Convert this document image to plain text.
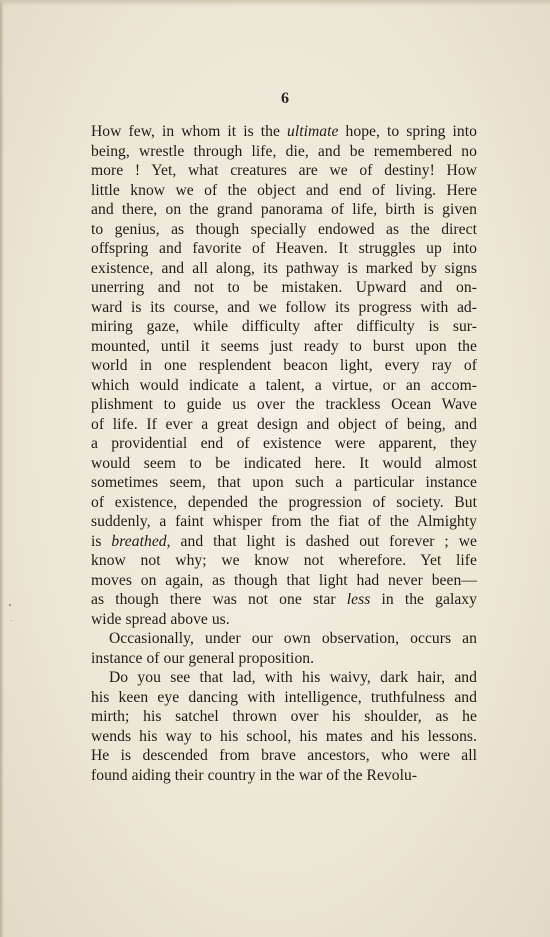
6
How few, in whom it is the ultimate hope, to spring into
being, wrestle through life, die, and be remembered no
more ! Yet, what creatures are we of destiny! How
little know we of the object and end of living. Here
and there, on the grand panorama of life, birth is given
to genius, as though specially endowed as the direct
offspring and favorite of Heaven. It struggles up into
existence, and all along, its pathway is marked by signs
unerring and not to be mistaken. Upward and on-
ward is its course, and we follow its progress with ad-
miring gaze, while difficulty after difficulty is sur-
mounted, until it seems just ready to burst upon the
world in one resplendent beacon light, every ray of
which would indicate a talent, a virtue, or an accom-
plishment to guide us over the trackless Ocean Wave
of life. If ever a great design and object of being, and
a providential end of existence were apparent, they
would seem to be indicated here. It would almost
sometimes seem, that upon such a particular instance
of existence, depended the progression of society. But
suddenly, a faint whisper from the fiat of the Almighty
is breathed, and that light is dashed out forever ; we
know not why; we know not wherefore. Yet life
moves on again, as though that light had never been—
as though there was not one star less in the galaxy
wide spread above us.
Occasionally, under our own observation, occurs an
instance of our general proposition.
Do you see that lad, with his waivy, dark hair, and
his keen eye dancing with intelligence, truthfulness and
mirth; his satchel thrown over his shoulder, as he
wends his way to his school, his mates and his lessons.
He is descended from brave ancestors, who were all
found aiding their country in the war of the Revolu-
